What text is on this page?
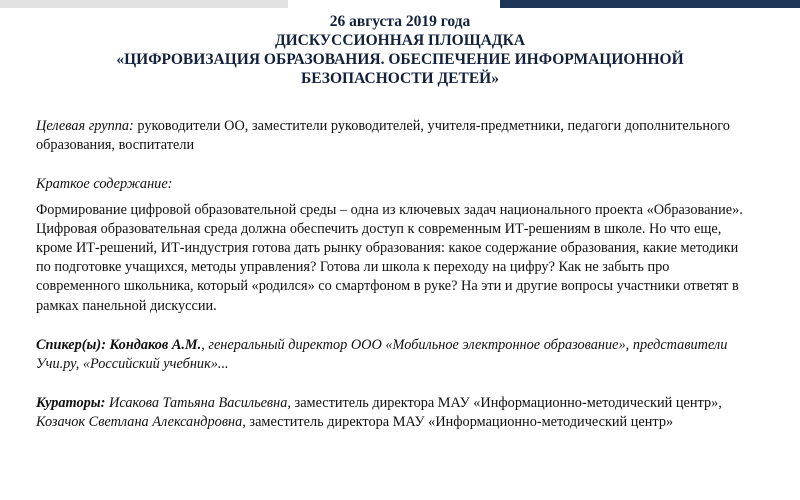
26 августа 2019 года
ДИСКУССИОННАЯ ПЛОЩАДКА
«ЦИФРОВИЗАЦИЯ ОБРАЗОВАНИЯ. ОБЕСПЕЧЕНИЕ ИНФОРМАЦИОННОЙ
БЕЗОПАСНОСТИ ДЕТЕЙ»

Целевая группа: руководители ОО, заместители руководителей, учителя-предметники, педагоги дополнительного образования, воспитатели

Краткое содержание:

Формирование цифровой образовательной среды – одна из ключевых задач национального проекта «Образование». Цифровая образовательная среда должна обеспечить доступ к современным ИТ-решениям в школе. Но что еще, кроме ИТ-решений, ИТ-индустрия готова дать рынку образования: какое содержание образования, какие методики по подготовке учащихся, методы управления? Готова ли школа к переходу на цифру? Как не забыть про современного школьника, который «родился» со смартфоном в руке? На эти и другие вопросы участники ответят в рамках панельной дискуссии.

Спикер(ы): Кондаков А.М., генеральный директор ООО «Мобильное электронное образование», представители Учи.ру, «Российский учебник»...

Кураторы: Исакова Татьяна Васильевна, заместитель директора МАУ «Информационно-методический центр», Козачок Светлана Александровна, заместитель директора МАУ «Информационно-методический центр»
